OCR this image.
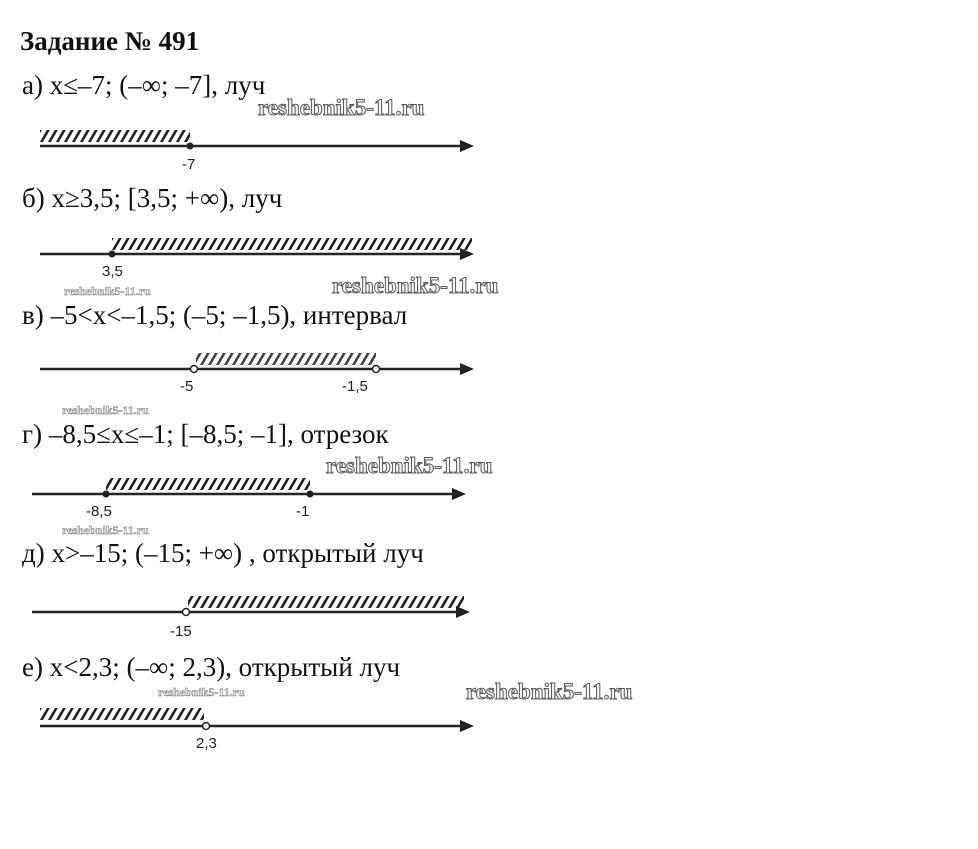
Задание № 491
а) x≤–7; (–∞; –7], луч
-7
reshebnik5-11.ru
б) x≥3,5; [3,5; +∞), луч
3,5
reshebnik5-11.ru	reshebnik5-11.ru
в) –5<x<–1,5; (–5; –1,5), интервал
-5	-1,5
reshebnik5-11.ru
г) –8,5≤x≤–1; [–8,5; –1], отрезок
-8,5	-1
reshebnik5-11.ru
reshebnik5-11.ru
д) x>–15; (–15; +∞) , открытый луч
-15
е) x<2,3; (–∞; 2,3), открытый луч
2,3
reshebnik5-11.ru	reshebnik5-11.ru
